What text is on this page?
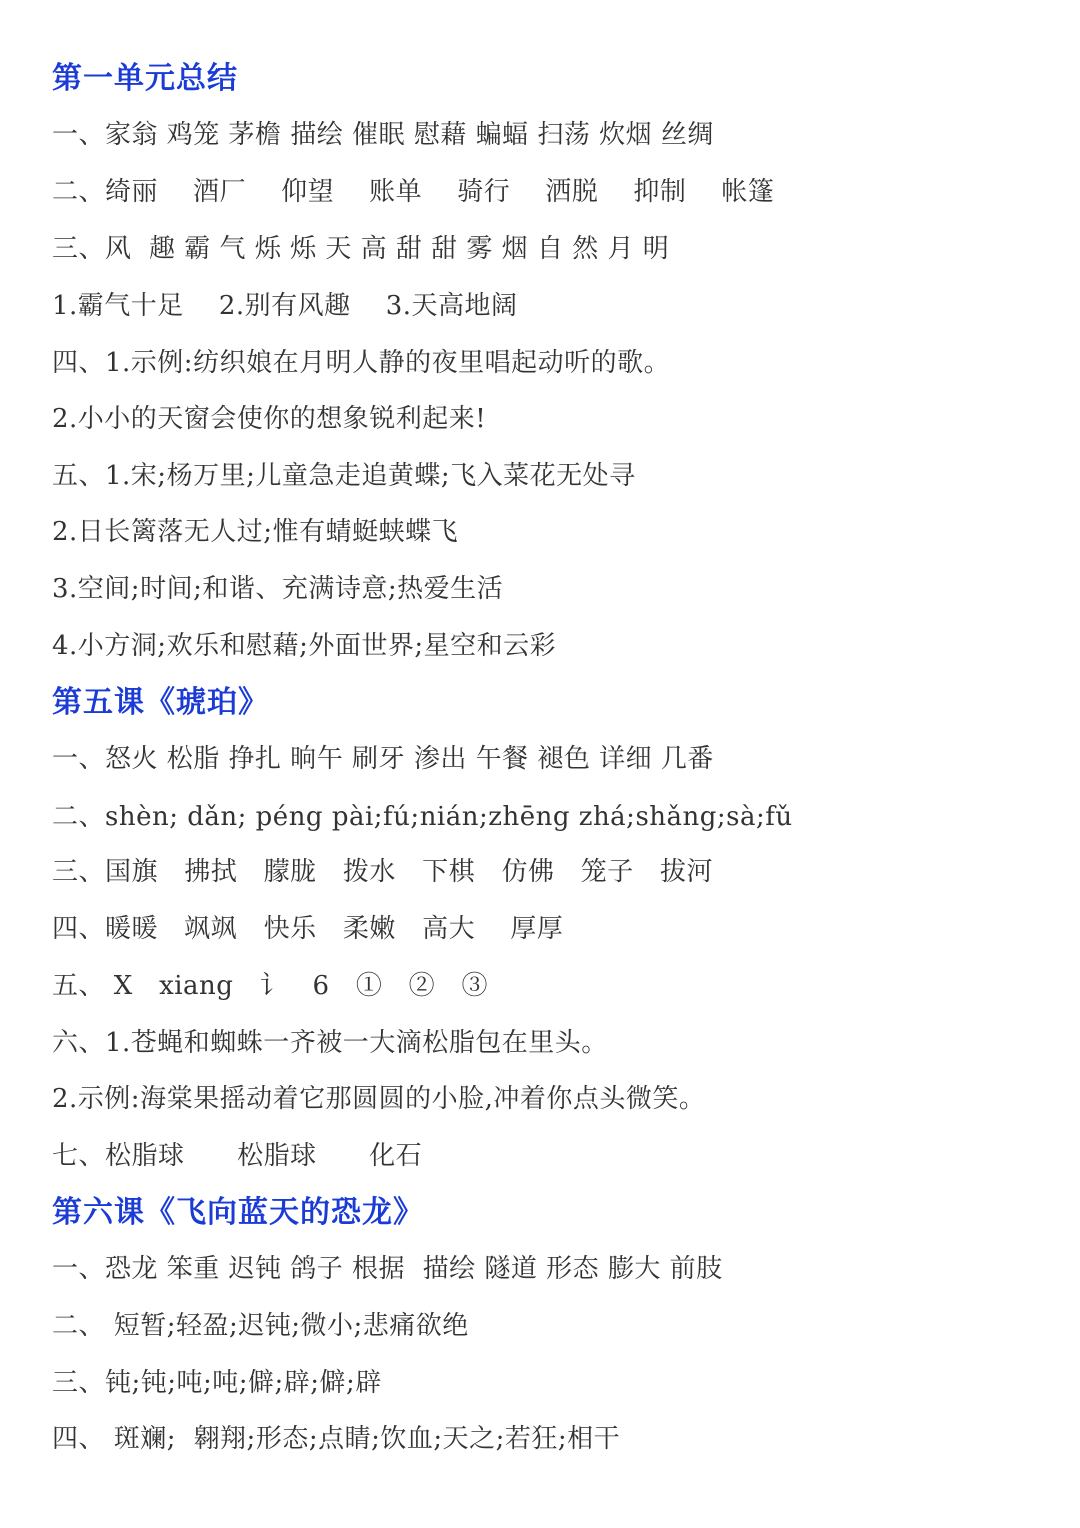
第一单元总结
一、家翁 鸡笼 茅檐 描绘 催眠 慰藉 蝙蝠 扫荡 炊烟 丝绸
二、绮丽    酒厂    仰望    账单    骑行    洒脱    抑制    帐篷
三、风  趣 霸 气 烁 烁 天 高 甜 甜 雾 烟 自 然 月 明
1.霸气十足    2.别有风趣    3.天高地阔
四、1.示例:纺织娘在月明人静的夜里唱起动听的歌。
2.小小的天窗会使你的想象锐利起来!
五、1.宋;杨万里;儿童急走追黄蝶;飞入菜花无处寻
2.日长篱落无人过;惟有蜻蜓蛱蝶飞
3.空间;时间;和谐、充满诗意;热爱生活
4.小方洞;欢乐和慰藉;外面世界;星空和云彩
第五课《琥珀》
一、怒火 松脂 挣扎 晌午 刷牙 渗出 午餐 褪色 详细 几番
二、shèn; dǎn; péng pài;fú;nián;zhēng zhá;shǎng;sà;fǔ
三、国旗   拂拭   朦胧   拨水   下棋   仿佛   笼子   拔河
四、暖暖   飒飒   快乐   柔嫩   高大    厚厚
五、 X   xiang   讠   6   ①   ②   ③
六、1.苍蝇和蜘蛛一齐被一大滴松脂包在里头。
2.示例:海棠果摇动着它那圆圆的小脸,冲着你点头微笑。
七、松脂球      松脂球      化石
第六课《飞向蓝天的恐龙》
一、恐龙 笨重 迟钝 鸽子 根据  描绘 隧道 形态 膨大 前肢
二、 短暂;轻盈;迟钝;微小;悲痛欲绝
三、钝;钝;吨;吨;僻;辟;僻;辟
四、 斑斓;  翱翔;形态;点睛;饮血;天之;若狂;相干
